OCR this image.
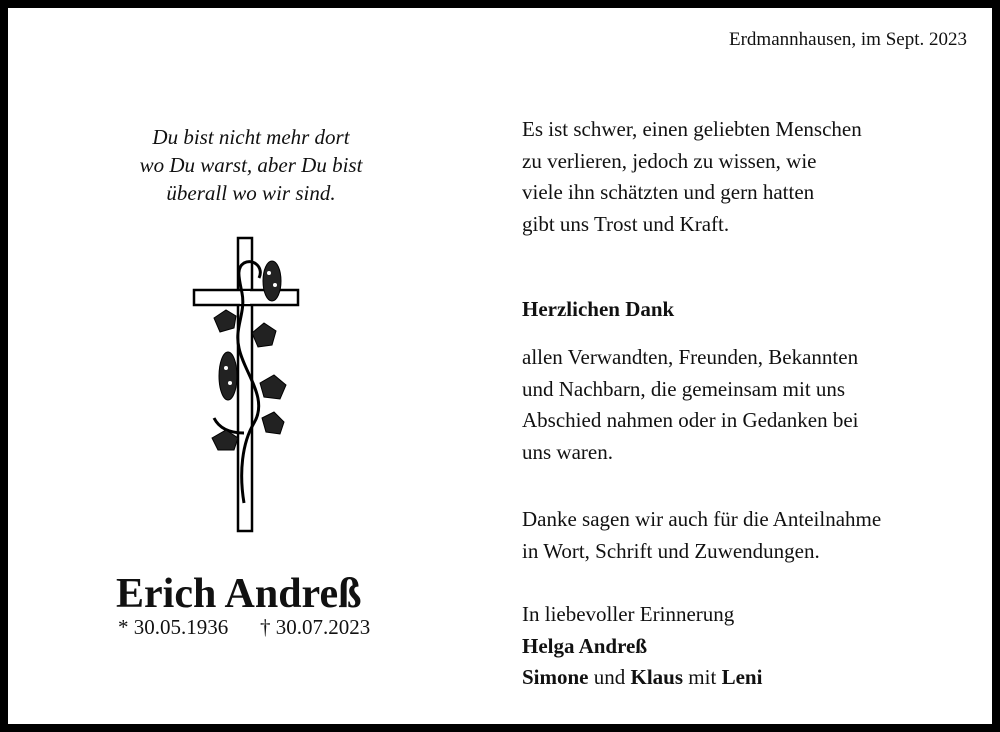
Erdmannhausen, im Sept. 2023
Du bist nicht mehr dort
wo Du warst, aber Du bist
überall wo wir sind.
Erich Andreß
* 30.05.1936 † 30.07.2023
Es ist schwer, einen geliebten Menschen
zu verlieren, jedoch zu wissen, wie
viele ihn schätzten und gern hatten
gibt uns Trost und Kraft.
Herzlichen Dank
allen Verwandten, Freunden, Bekannten
und Nachbarn, die gemeinsam mit uns
Abschied nahmen oder in Gedanken bei
uns waren.
Danke sagen wir auch für die Anteilnahme
in Wort, Schrift und Zuwendungen.
In liebevoller Erinnerung
Helga Andreß
Simone und Klaus mit Leni
